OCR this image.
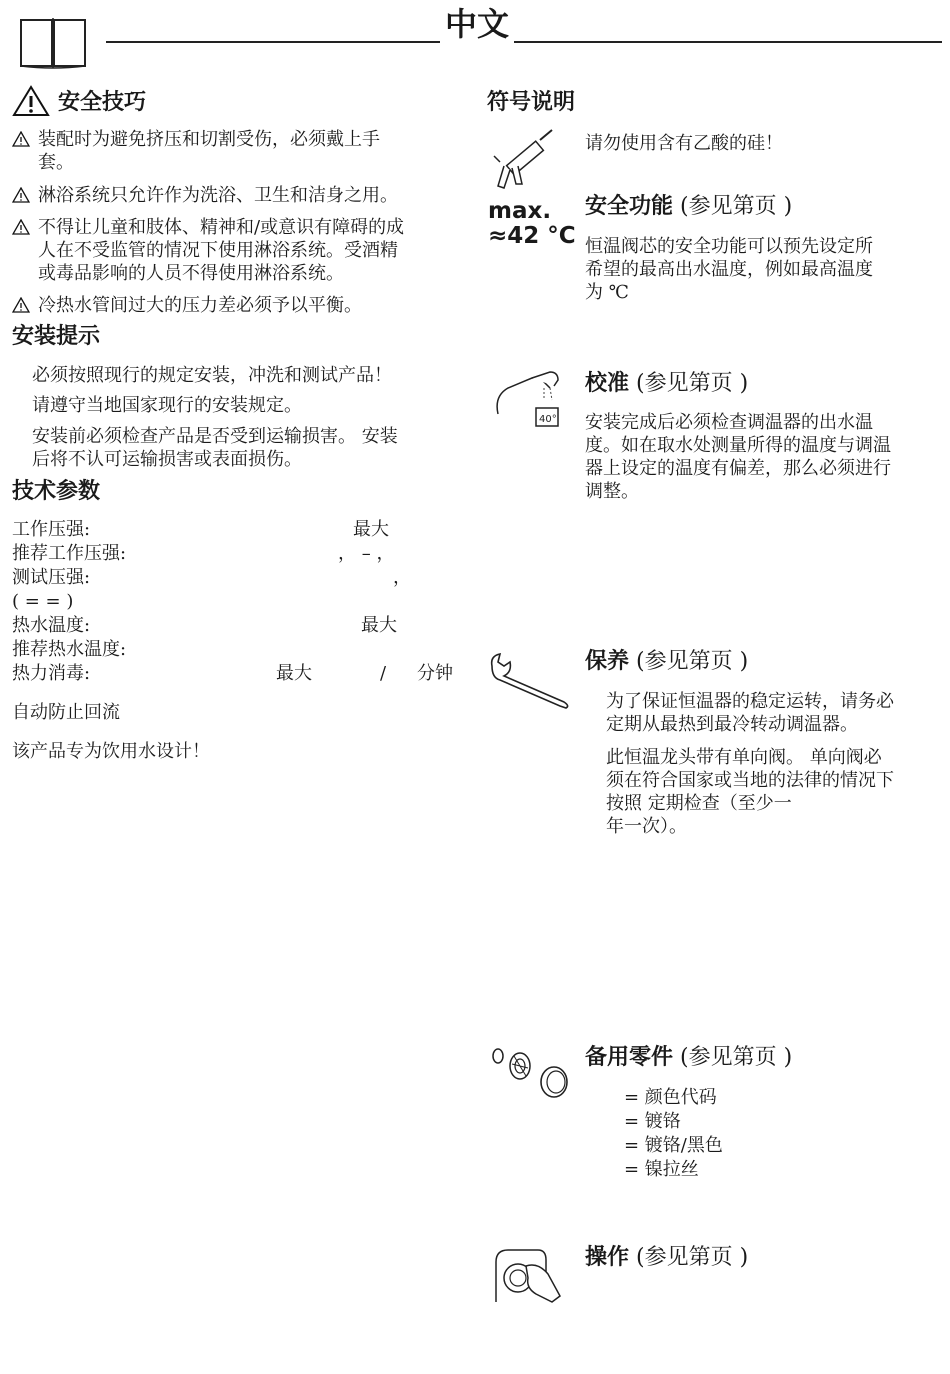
中文
安全技巧
装配时为避免挤压和切割受伤，必须戴上手
套。
淋浴系统只允许作为洗浴、卫生和洁身之用。
不得让儿童和肢体、精神和/或意识有障碍的成
人在不受监管的情况下使用淋浴系统。受酒精
或毒品影响的人员不得使用淋浴系统。
冷热水管间过大的压力差必须予以平衡。
安装提示
必须按照现行的规定安装，冲洗和测试产品！
请遵守当地国家现行的安装规定。
安装前必须检查产品是否受到运输损害。 安装
后将不认可运输损害或表面损伤。
技术参数
工作压强:	最大
推荐工作压强:	， – ，
测试压强:	，
( = = )
热水温度:	最大
推荐热水温度:
热力消毒:	最大	/ 分钟
自动防止回流
该产品专为饮用水设计！
符号说明
请勿使用含有乙酸的硅！
max.
≈42 °C
安全功能 (参见第页 )
恒温阀芯的安全功能可以预先设定所
希望的最高出水温度，例如最高温度
为 ℃
40°
校准 (参见第页 )
安装完成后必须检查调温器的出水温
度。如在取水处测量所得的温度与调温
器上设定的温度有偏差，那么必须进行
调整。
保养 (参见第页 )
为了保证恒温器的稳定运转，请务必
定期从最热到最冷转动调温器。
此恒温龙头带有单向阀。 单向阀必
须在符合国家或当地的法律的情况下
按照 定期检查（至少一
年一次）。
备用零件 (参见第页 )
= 颜色代码
= 镀铬
= 镀铬/黑色
= 镍拉丝
操作 (参见第页 )
